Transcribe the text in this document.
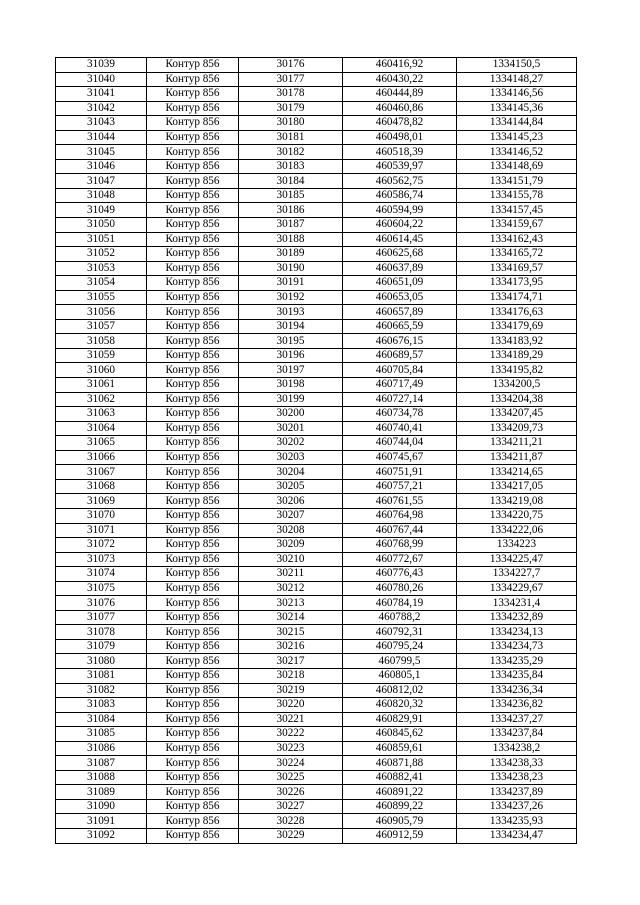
31039	Контур 856	30176	460416,92	1334150,5
31040	Контур 856	30177	460430,22	1334148,27
31041	Контур 856	30178	460444,89	1334146,56
31042	Контур 856	30179	460460,86	1334145,36
31043	Контур 856	30180	460478,82	1334144,84
31044	Контур 856	30181	460498,01	1334145,23
31045	Контур 856	30182	460518,39	1334146,52
31046	Контур 856	30183	460539,97	1334148,69
31047	Контур 856	30184	460562,75	1334151,79
31048	Контур 856	30185	460586,74	1334155,78
31049	Контур 856	30186	460594,99	1334157,45
31050	Контур 856	30187	460604,22	1334159,67
31051	Контур 856	30188	460614,45	1334162,43
31052	Контур 856	30189	460625,68	1334165,72
31053	Контур 856	30190	460637,89	1334169,57
31054	Контур 856	30191	460651,09	1334173,95
31055	Контур 856	30192	460653,05	1334174,71
31056	Контур 856	30193	460657,89	1334176,63
31057	Контур 856	30194	460665,59	1334179,69
31058	Контур 856	30195	460676,15	1334183,92
31059	Контур 856	30196	460689,57	1334189,29
31060	Контур 856	30197	460705,84	1334195,82
31061	Контур 856	30198	460717,49	1334200,5
31062	Контур 856	30199	460727,14	1334204,38
31063	Контур 856	30200	460734,78	1334207,45
31064	Контур 856	30201	460740,41	1334209,73
31065	Контур 856	30202	460744,04	1334211,21
31066	Контур 856	30203	460745,67	1334211,87
31067	Контур 856	30204	460751,91	1334214,65
31068	Контур 856	30205	460757,21	1334217,05
31069	Контур 856	30206	460761,55	1334219,08
31070	Контур 856	30207	460764,98	1334220,75
31071	Контур 856	30208	460767,44	1334222,06
31072	Контур 856	30209	460768,99	1334223
31073	Контур 856	30210	460772,67	1334225,47
31074	Контур 856	30211	460776,43	1334227,7
31075	Контур 856	30212	460780,26	1334229,67
31076	Контур 856	30213	460784,19	1334231,4
31077	Контур 856	30214	460788,2	1334232,89
31078	Контур 856	30215	460792,31	1334234,13
31079	Контур 856	30216	460795,24	1334234,73
31080	Контур 856	30217	460799,5	1334235,29
31081	Контур 856	30218	460805,1	1334235,84
31082	Контур 856	30219	460812,02	1334236,34
31083	Контур 856	30220	460820,32	1334236,82
31084	Контур 856	30221	460829,91	1334237,27
31085	Контур 856	30222	460845,62	1334237,84
31086	Контур 856	30223	460859,61	1334238,2
31087	Контур 856	30224	460871,88	1334238,33
31088	Контур 856	30225	460882,41	1334238,23
31089	Контур 856	30226	460891,22	1334237,89
31090	Контур 856	30227	460899,22	1334237,26
31091	Контур 856	30228	460905,79	1334235,93
31092	Контур 856	30229	460912,59	1334234,47
